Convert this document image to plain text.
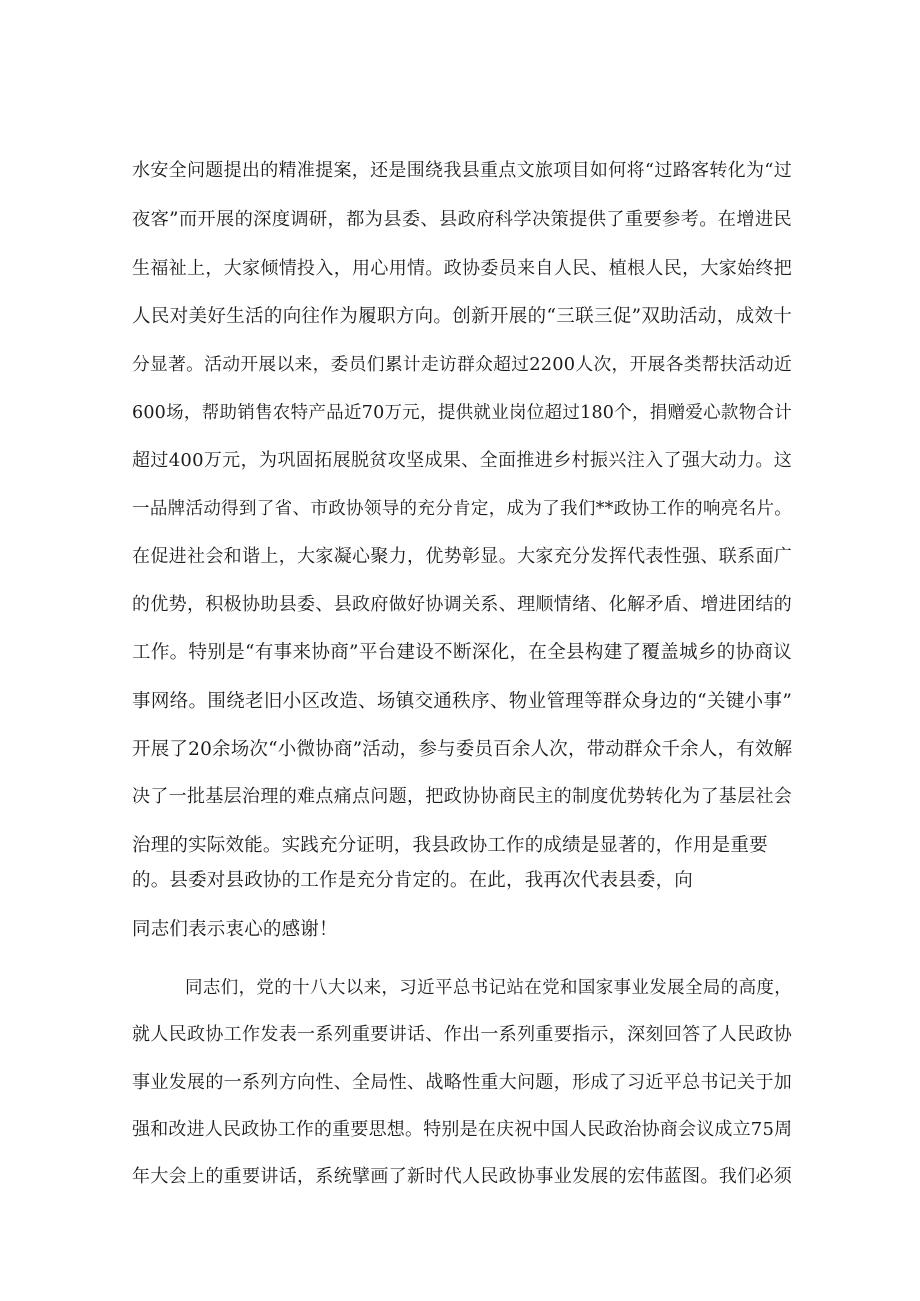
水安全问题提出的精准提案，还是围绕我县重点文旅项目如何将“过路客转化为“过
夜客”而开展的深度调研，都为县委、县政府科学决策提供了重要参考。在增进民
生福祉上，大家倾情投入，用心用情。政协委员来自人民、植根人民，大家始终把
人民对美好生活的向往作为履职方向。创新开展的“三联三促”双助活动，成效十
分显著。活动开展以来，委员们累计走访群众超过2200人次，开展各类帮扶活动近
600场，帮助销售农特产品近70万元，提供就业岗位超过180个，捐赠爱心款物合计
超过400万元，为巩固拓展脱贫攻坚成果、全面推进乡村振兴注入了强大动力。这
一品牌活动得到了省、市政协领导的充分肯定，成为了我们**政协工作的响亮名片。
在促进社会和谐上，大家凝心聚力，优势彰显。大家充分发挥代表性强、联系面广
的优势，积极协助县委、县政府做好协调关系、理顺情绪、化解矛盾、增进团结的
工作。特别是“有事来协商”平台建设不断深化，在全县构建了覆盖城乡的协商议
事网络。围绕老旧小区改造、场镇交通秩序、物业管理等群众身边的“关键小事”
开展了20余场次“小微协商”活动，参与委员百余人次，带动群众千余人，有效解
决了一批基层治理的难点痛点问题，把政协协商民主的制度优势转化为了基层社会
治理的实际效能。实践充分证明，我县政协工作的成绩是显著的，作用是重要
的。县委对县政协的工作是充分肯定的。在此，我再次代表县委，向
同志们表示衷心的感谢！
同志们，党的十八大以来，习近平总书记站在党和国家事业发展全局的高度，
就人民政协工作发表一系列重要讲话、作出一系列重要指示，深刻回答了人民政协
事业发展的一系列方向性、全局性、战略性重大问题，形成了习近平总书记关于加
强和改进人民政协工作的重要思想。特别是在庆祝中国人民政治协商会议成立75周
年大会上的重要讲话，系统擘画了新时代人民政协事业发展的宏伟蓝图。我们必须
